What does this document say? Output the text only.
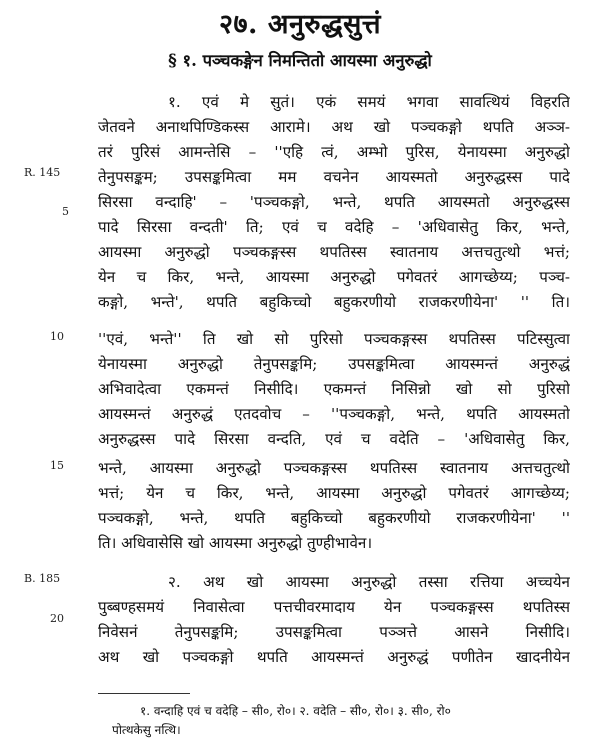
२७. अनुरुद्धसुत्तं
§ १. पञ्चकङ्गेन निमन्तितो आयस्मा अनुरुद्धो
R. 145
5
10
15
B. 185
20
१. एवं मे सुतं। एकं समयं भगवा सावत्थियं विहरति
जेतवने अनाथपिण्डिकस्स आरामे। अथ खो पञ्चकङ्गो थपति अञ्ञ-
तरं पुरिसं आमन्तेसि – ''एहि त्वं, अम्भो पुरिस, येनायस्मा अनुरुद्धो
तेनुपसङ्कम; उपसङ्कमित्वा मम वचनेन आयस्मतो अनुरुद्धस्स पादे
सिरसा वन्दाहि' – 'पञ्चकङ्गो, भन्ते, थपति आयस्मतो अनुरुद्धस्स
पादे सिरसा वन्दती' ति; एवं च वदेहि – 'अधिवासेतु किर, भन्ते,
आयस्मा अनुरुद्धो पञ्चकङ्गस्स थपतिस्स स्वातनाय अत्तचतुत्थो भत्तं;
येन च किर, भन्ते, आयस्मा अनुरुद्धो पगेवतरं आगच्छेय्य; पञ्च-
कङ्गो, भन्ते', थपति बहुकिच्चो बहुकरणीयो राजकरणीयेना' '' ति।
''एवं, भन्ते'' ति खो सो पुरिसो पञ्चकङ्गस्स थपतिस्स पटिस्सुत्वा
येनायस्मा अनुरुद्धो तेनुपसङ्कमि; उपसङ्कमित्वा आयस्मन्तं अनुरुद्धं
अभिवादेत्वा एकमन्तं निसीदि। एकमन्तं निसिन्नो खो सो पुरिसो
आयस्मन्तं अनुरुद्धं एतदवोच – ''पञ्चकङ्गो, भन्ते, थपति आयस्मतो
अनुरुद्धस्स पादे सिरसा वन्दति, एवं च वदेति – 'अधिवासेतु किर,
भन्ते, आयस्मा अनुरुद्धो पञ्चकङ्गस्स थपतिस्स स्वातनाय अत्तचतुत्थो
भत्तं; येन च किर, भन्ते, आयस्मा अनुरुद्धो पगेवतरं आगच्छेय्य;
पञ्चकङ्गो, भन्ते, थपति बहुकिच्चो बहुकरणीयो राजकरणीयेना' ''
ति। अधिवासेसि खो आयस्मा अनुरुद्धो तुण्हीभावेन।
२. अथ खो आयस्मा अनुरुद्धो तस्सा रत्तिया अच्चयेन
पुब्बण्हसमयं निवासेत्वा पत्तचीवरमादाय येन पञ्चकङ्गस्स थपतिस्स
निवेसनं तेनुपसङ्कमि; उपसङ्कमित्वा पञ्ञत्ते आसने निसीदि।
अथ खो पञ्चकङ्गो थपति आयस्मन्तं अनुरुद्धं पणीतेन खादनीयेन
१. वन्दाहि एवं च वदेहि – सी०, रो०। २. वदेति – सी०, रो०। ३. सी०, रो०
पोत्थकेसु नत्थि।
